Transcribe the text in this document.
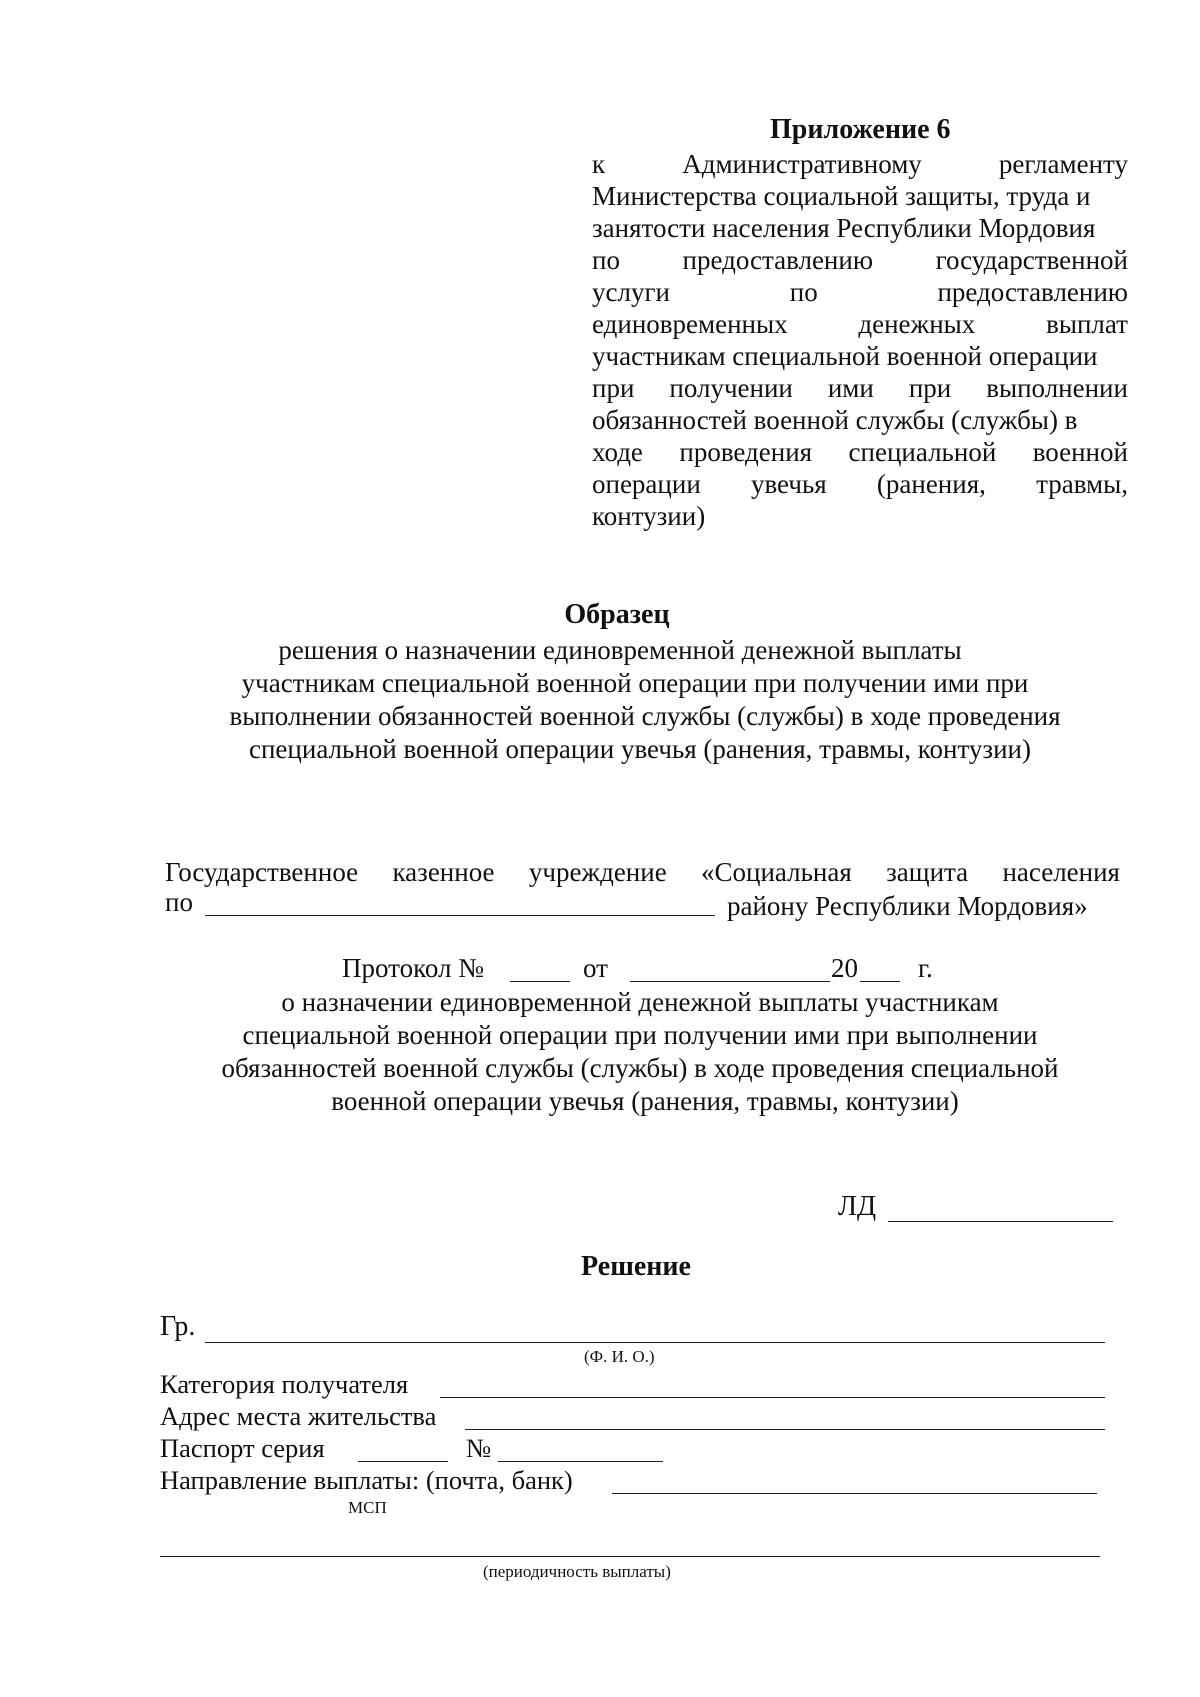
Приложение 6
к	Административному	регламенту
Министерства социальной защиты, труда и
занятости населения Республики Мордовия
по предоставлению государственной
услуги	по	предоставлению
единовременных	денежных	выплат
участникам специальной военной операции
при получении ими при выполнении
обязанностей военной службы (службы) в
ходе проведения специальной военной
операции увечья (ранения, травмы,
контузии)
Образец
решения о назначении единовременной денежной выплаты
участникам специальной военной операции при получении ими при
выполнении обязанностей военной службы (службы) в ходе проведения
специальной военной операции увечья (ранения, травмы, контузии)
Государственное казенное учреждение «Социальная защита населения
по	району Республики Мордовия»
Протокол №	от	20 г.
о назначении единовременной денежной выплаты участникам
специальной военной операции при получении ими при выполнении
обязанностей военной службы (службы) в ходе проведения специальной
военной операции увечья (ранения, травмы, контузии)
ЛД
Решение
Гр.
(Ф. И. О.)
Категория получателя
Адрес места жительства
Паспорт серия	№
Направление выплаты: (почта, банк)
МСП
(периодичность выплаты)
